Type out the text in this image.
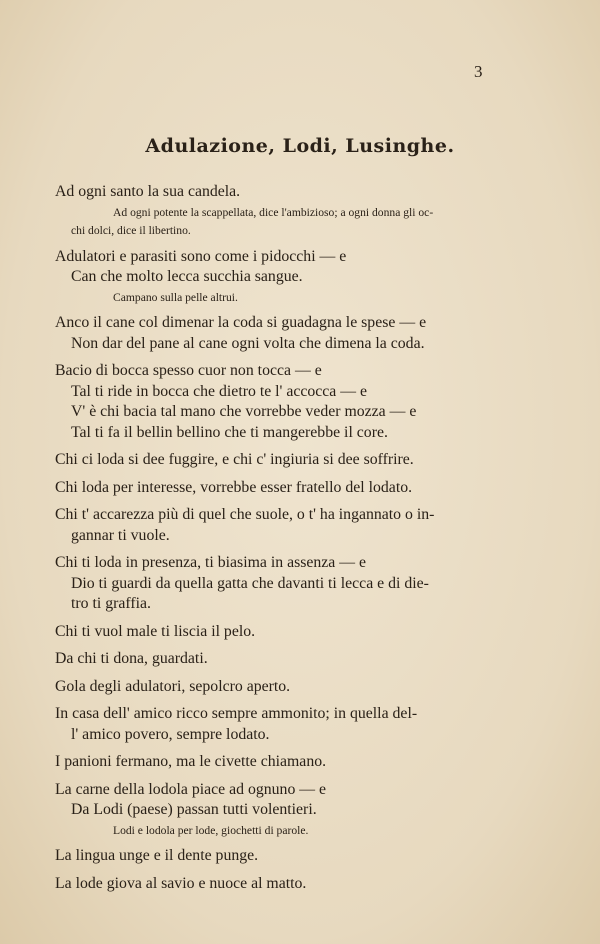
3
Adulazione, Lodi, Lusinghe.
Ad ogni santo la sua candela.
Ad ogni potente la scappellata, dice l'ambizioso; a ogni donna gli oc-
chi dolci, dice il libertino.
Adulatori e parasiti sono come i pidocchi — e
Can che molto lecca succhia sangue.
Campano sulla pelle altrui.
Anco il cane col dimenar la coda si guadagna le spese — e
Non dar del pane al cane ogni volta che dimena la coda.
Bacio di bocca spesso cuor non tocca — e
Tal ti ride in bocca che dietro te l' accocca — e
V' è chi bacia tal mano che vorrebbe veder mozza — e
Tal ti fa il bellin bellino che ti mangerebbe il core.
Chi ci loda si dee fuggire, e chi c' ingiuria si dee soffrire.
Chi loda per interesse, vorrebbe esser fratello del lodato.
Chi t' accarezza più di quel che suole, o t' ha ingannato o in-
gannar ti vuole.
Chi ti loda in presenza, ti biasima in assenza — e
Dio ti guardi da quella gatta che davanti ti lecca e di die-
tro ti graffia.
Chi ti vuol male ti liscia il pelo.
Da chi ti dona, guardati.
Gola degli adulatori, sepolcro aperto.
In casa dell' amico ricco sempre ammonito; in quella del-
l' amico povero, sempre lodato.
I panioni fermano, ma le civette chiamano.
La carne della lodola piace ad ognuno — e
Da Lodi (paese) passan tutti volentieri.
Lodi e lodola per lode, giochetti di parole.
La lingua unge e il dente punge.
La lode giova al savio e nuoce al matto.
